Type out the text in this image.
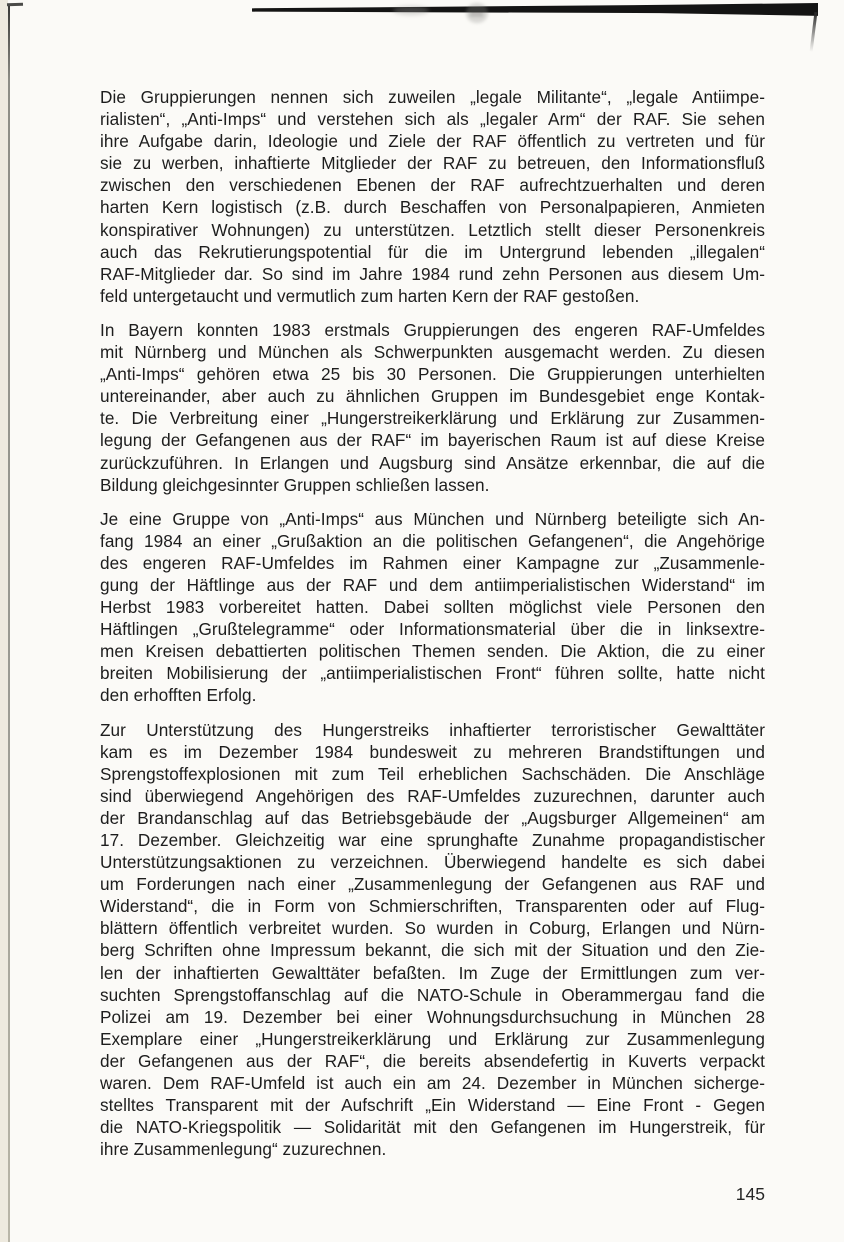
Die Gruppierungen nennen sich zuweilen „legale Militante“, „legale Antiimpe-
rialisten“, „Anti-Imps“ und verstehen sich als „legaler Arm“ der RAF. Sie sehen
ihre Aufgabe darin, Ideologie und Ziele der RAF öffentlich zu vertreten und für
sie zu werben, inhaftierte Mitglieder der RAF zu betreuen, den Informationsfluß
zwischen den verschiedenen Ebenen der RAF aufrechtzuerhalten und deren
harten Kern logistisch (z.B. durch Beschaffen von Personalpapieren, Anmieten
konspirativer Wohnungen) zu unterstützen. Letztlich stellt dieser Personenkreis
auch das Rekrutierungspotential für die im Untergrund lebenden „illegalen“
RAF-Mitglieder dar. So sind im Jahre 1984 rund zehn Personen aus diesem Um-
feld untergetaucht und vermutlich zum harten Kern der RAF gestoßen.
In Bayern konnten 1983 erstmals Gruppierungen des engeren RAF-Umfeldes
mit Nürnberg und München als Schwerpunkten ausgemacht werden. Zu diesen
„Anti-Imps“ gehören etwa 25 bis 30 Personen. Die Gruppierungen unterhielten
untereinander, aber auch zu ähnlichen Gruppen im Bundesgebiet enge Kontak-
te. Die Verbreitung einer „Hungerstreikerklärung und Erklärung zur Zusammen-
legung der Gefangenen aus der RAF“ im bayerischen Raum ist auf diese Kreise
zurückzuführen. In Erlangen und Augsburg sind Ansätze erkennbar, die auf die
Bildung gleichgesinnter Gruppen schließen lassen.
Je eine Gruppe von „Anti-Imps“ aus München und Nürnberg beteiligte sich An-
fang 1984 an einer „Grußaktion an die politischen Gefangenen“, die Angehörige
des engeren RAF-Umfeldes im Rahmen einer Kampagne zur „Zusammenle-
gung der Häftlinge aus der RAF und dem antiimperialistischen Widerstand“ im
Herbst 1983 vorbereitet hatten. Dabei sollten möglichst viele Personen den
Häftlingen „Grußtelegramme“ oder Informationsmaterial über die in linksextre-
men Kreisen debattierten politischen Themen senden. Die Aktion, die zu einer
breiten Mobilisierung der „antiimperialistischen Front“ führen sollte, hatte nicht
den erhofften Erfolg.
Zur Unterstützung des Hungerstreiks inhaftierter terroristischer Gewalttäter
kam es im Dezember 1984 bundesweit zu mehreren Brandstiftungen und
Sprengstoffexplosionen mit zum Teil erheblichen Sachschäden. Die Anschläge
sind überwiegend Angehörigen des RAF-Umfeldes zuzurechnen, darunter auch
der Brandanschlag auf das Betriebsgebäude der „Augsburger Allgemeinen“ am
17. Dezember. Gleichzeitig war eine sprunghafte Zunahme propagandistischer
Unterstützungsaktionen zu verzeichnen. Überwiegend handelte es sich dabei
um Forderungen nach einer „Zusammenlegung der Gefangenen aus RAF und
Widerstand“, die in Form von Schmierschriften, Transparenten oder auf Flug-
blättern öffentlich verbreitet wurden. So wurden in Coburg, Erlangen und Nürn-
berg Schriften ohne Impressum bekannt, die sich mit der Situation und den Zie-
len der inhaftierten Gewalttäter befaßten. Im Zuge der Ermittlungen zum ver-
suchten Sprengstoffanschlag auf die NATO-Schule in Oberammergau fand die
Polizei am 19. Dezember bei einer Wohnungsdurchsuchung in München 28
Exemplare einer „Hungerstreikerklärung und Erklärung zur Zusammenlegung
der Gefangenen aus der RAF“, die bereits absendefertig in Kuverts verpackt
waren. Dem RAF-Umfeld ist auch ein am 24. Dezember in München sicherge-
stelltes Transparent mit der Aufschrift „Ein Widerstand — Eine Front - Gegen
die NATO-Kriegspolitik — Solidarität mit den Gefangenen im Hungerstreik, für
ihre Zusammenlegung“ zuzurechnen.
145
